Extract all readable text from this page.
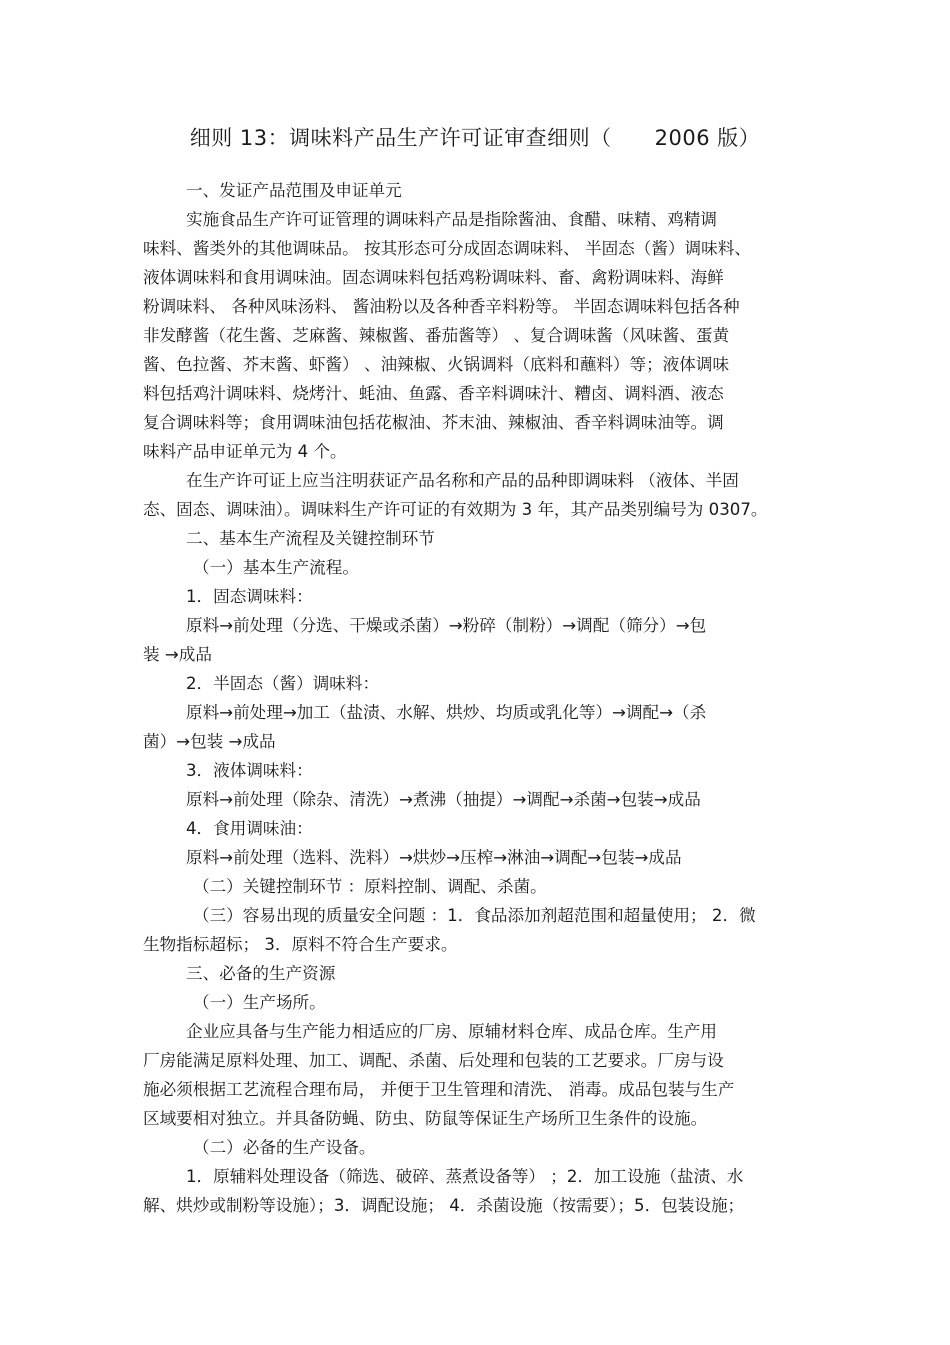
细则 13：调味料产品生产许可证审查细则（　　2006 版）
一、发证产品范围及申证单元
实施食品生产许可证管理的调味料产品是指除酱油、食醋、味精、鸡精调
味料、酱类外的其他调味品。 按其形态可分成固态调味料、 半固态（酱）调味料、
液体调味料和食用调味油。固态调味料包括鸡粉调味料、畜、禽粉调味料、海鲜
粉调味料、 各种风味汤料、 酱油粉以及各种香辛料粉等。 半固态调味料包括各种
非发酵酱（花生酱、芝麻酱、辣椒酱、番茄酱等） 、复合调味酱（风味酱、蛋黄
酱、色拉酱、芥末酱、虾酱） 、油辣椒、火锅调料（底料和蘸料）等；液体调味
料包括鸡汁调味料、烧烤汁、蚝油、鱼露、香辛料调味汁、糟卤、调料酒、液态
复合调味料等；食用调味油包括花椒油、芥末油、辣椒油、香辛料调味油等。调
味料产品申证单元为 4 个。
在生产许可证上应当注明获证产品名称和产品的品种即调味料 （液体、半固
态、固态、调味油）。调味料生产许可证的有效期为 3 年，其产品类别编号为 0307。
二、基本生产流程及关键控制环节
（一）基本生产流程。
1．固态调味料：
原料→前处理（分选、干燥或杀菌）→粉碎（制粉）→调配（筛分）→包
装 →成品
2．半固态（酱）调味料：
原料→前处理→加工（盐渍、水解、烘炒、均质或乳化等）→调配→（杀
菌）→包装 →成品
3．液体调味料：
原料→前处理（除杂、清洗）→煮沸（抽提）→调配→杀菌→包装→成品
4．食用调味油：
原料→前处理（选料、洗料）→烘炒→压榨→淋油→调配→包装→成品
（二）关键控制环节 ：原料控制、调配、杀菌。
（三）容易出现的质量安全问题 ：1．食品添加剂超范围和超量使用； 2．微
生物指标超标； 3．原料不符合生产要求。
三、必备的生产资源
（一）生产场所。
企业应具备与生产能力相适应的厂房、原辅材料仓库、成品仓库。生产用
厂房能满足原料处理、加工、调配、杀菌、后处理和包装的工艺要求。厂房与设
施必须根据工艺流程合理布局， 并便于卫生管理和清洗、 消毒。成品包装与生产
区域要相对独立。并具备防蝇、防虫、防鼠等保证生产场所卫生条件的设施。
（二）必备的生产设备。
1．原辅料处理设备（筛选、破碎、蒸煮设备等） ；2．加工设施（盐渍、水
解、烘炒或制粉等设施）；3．调配设施； 4．杀菌设施（按需要）；5．包装设施；
